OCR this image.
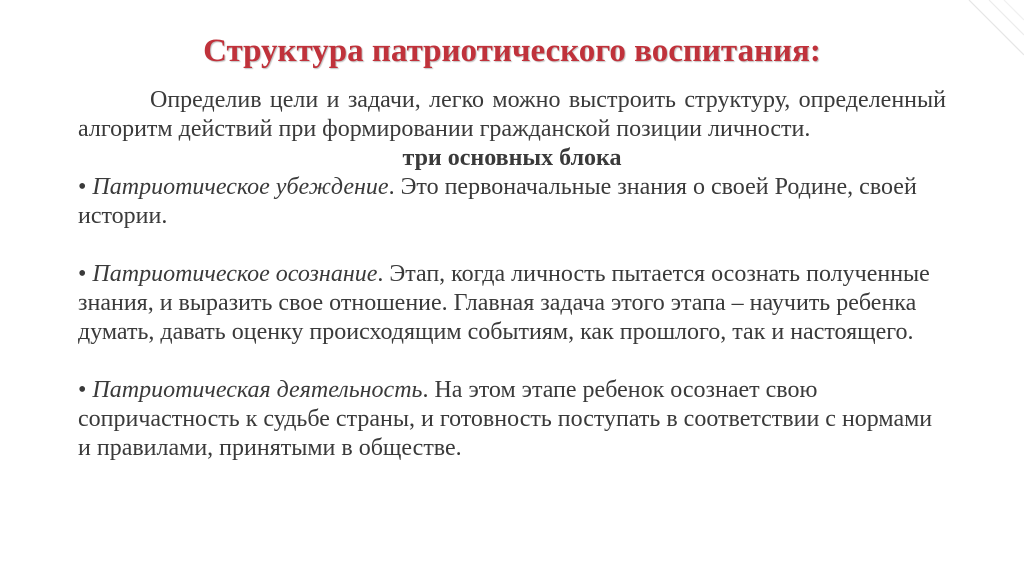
Структура патриотического воспитания:

Определив цели и задачи, легко можно выстроить структуру, определенный алгоритм действий при формировании гражданской позиции личности.

три основных блока

• Патриотическое убеждение. Это первоначальные знания о своей Родине, своей истории.

• Патриотическое осознание. Этап, когда личность пытается осознать полученные знания, и выразить свое отношение. Главная задача этого этапа – научить ребенка думать, давать оценку происходящим событиям, как прошлого, так и настоящего.

• Патриотическая деятельность. На этом этапе ребенок осознает свою сопричастность к судьбе страны, и готовность поступать в соответствии с нормами и правилами, принятыми в обществе.
